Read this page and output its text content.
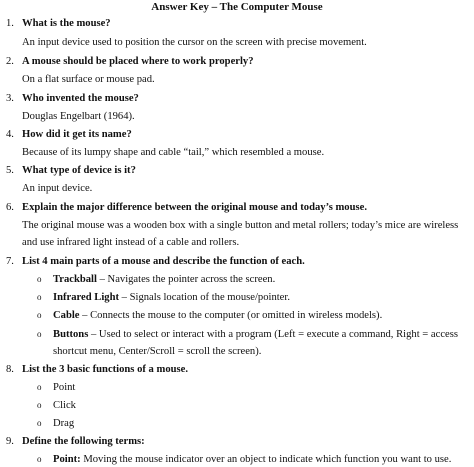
Answer Key – The Computer Mouse
1. What is the mouse?
An input device used to position the cursor on the screen with precise movement.
2. A mouse should be placed where to work properly?
On a flat surface or mouse pad.
3. Who invented the mouse?
Douglas Engelbart (1964).
4. How did it get its name?
Because of its lumpy shape and cable “tail,” which resembled a mouse.
5. What type of device is it?
An input device.
6. Explain the major difference between the original mouse and today’s mouse.
The original mouse was a wooden box with a single button and metal rollers; today’s mice are wireless
and use infrared light instead of a cable and rollers.
7. List 4 main parts of a mouse and describe the function of each.
o Trackball – Navigates the pointer across the screen.
o Infrared Light – Signals location of the mouse/pointer.
o Cable – Connects the mouse to the computer (or omitted in wireless models).
o Buttons – Used to select or interact with a program (Left = execute a command, Right = access
shortcut menu, Center/Scroll = scroll the screen).
8. List the 3 basic functions of a mouse.
o Point
o Click
o Drag
9. Define the following terms:
o Point: Moving the mouse indicator over an object to indicate which function you want to use.
